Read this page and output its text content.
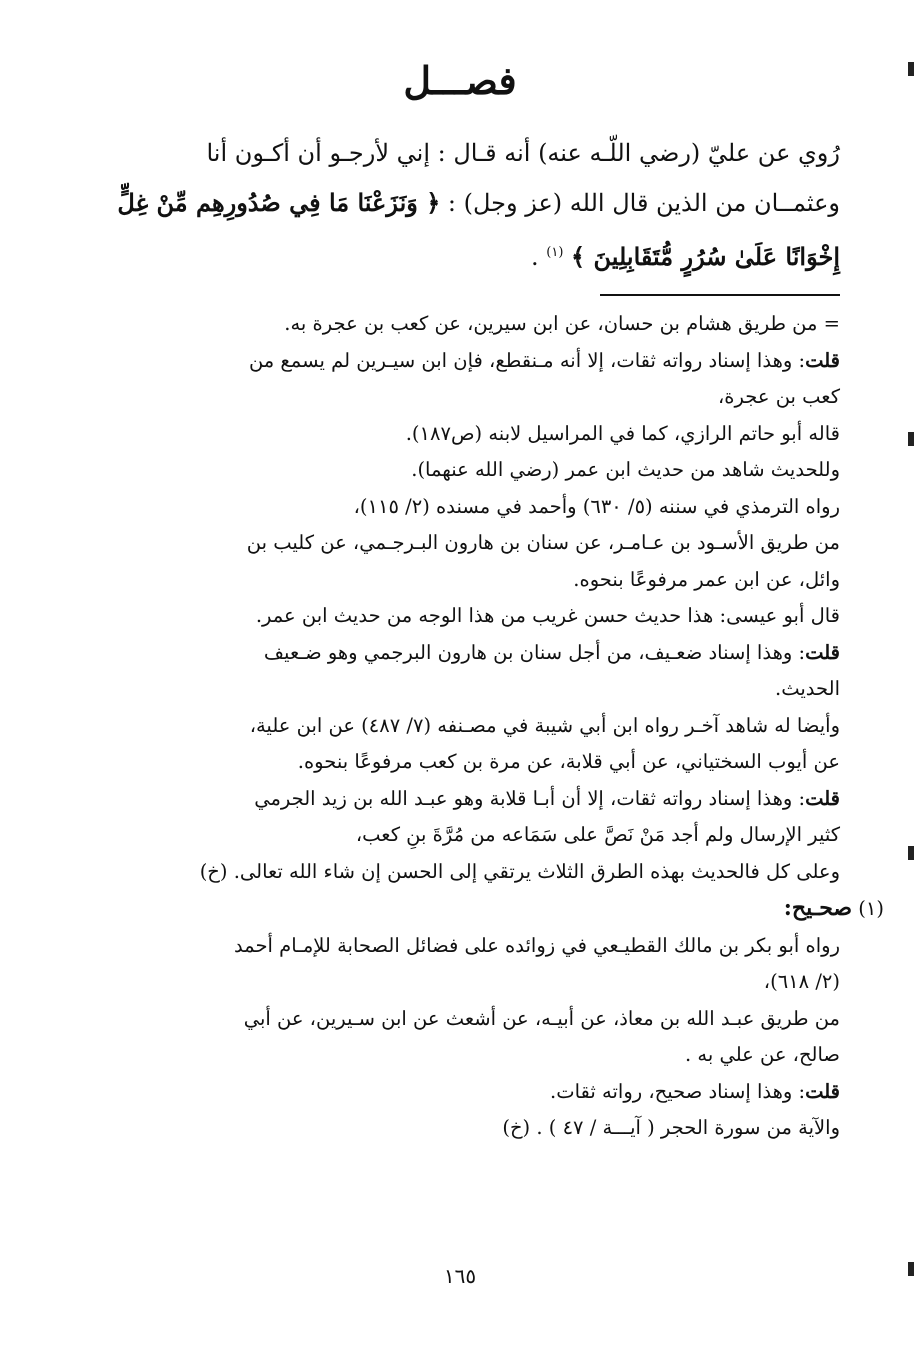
فصـــل
رُوي عن عليّ (رضي اللّـه عنه) أنه قـال : إني لأرجـو أن أكـون أنا
وعثمــان من الذين قال الله (عز وجل) : ﴿ وَنَزَعْنَا مَا فِي صُدُورِهِم مِّنْ غِلٍّ
إِخْوَانًا عَلَىٰ سُرُرٍ مُّتَقَابِلِينَ ﴾ $^{(١)}$ .
= من طريق هشام بن حسان، عن ابن سيرين، عن كعب بن عجرة به.
قلت: وهذا إسناد رواته ثقات، إلا أنه مـنقطع، فإن ابن سيـرين لم يسمع من
كعب بن عجرة،
قاله أبو حاتم الرازي، كما في المراسيل لابنه (ص١٨٧).
وللحديث شاهد من حديث ابن عمر (رضي الله عنهما).
رواه الترمذي في سننه (٥/ ٦٣٠) وأحمد في مسنده (٢/ ١١٥)،
من طريق الأسـود بن عـامـر، عن سنان بن هارون البـرجـمي، عن كليب بن
وائل، عن ابن عمر مرفوعًا بنحوه.
قال أبو عيسى: هذا حديث حسن غريب من هذا الوجه من حديث ابن عمر.
قلت: وهذا إسناد ضعـيف، من أجل سنان بن هارون البرجمي وهو ضـعيف
الحديث.
وأيضا له شاهد آخـر رواه ابن أبي شيبة في مصـنفه (٧/ ٤٨٧) عن ابن علية،
عن أيوب السختياني، عن أبي قلابة، عن مرة بن كعب مرفوعًا بنحوه.
قلت: وهذا إسناد رواته ثقات، إلا أن أبـا قلابة وهو عبـد الله بن زيد الجرمي
كثير الإرسال ولم أجد مَنْ نَصَّ على سَمَاعه من مُرَّةَ بنِ كعب،
وعلى كل فالحديث بهذه الطرق الثلاث يرتقي إلى الحسن إن شاء الله تعالى. (خ)
(١) صحـيح:
رواه أبو بكر بن مالك القطيـعي في زوائده على فضائل الصحابة للإمـام أحمد
(٢/ ٦١٨)،
من طريق عبـد الله بن معاذ، عن أبيـه، عن أشعث عن ابن سـيرين، عن أبي
صالح، عن علي به .
قلت: وهذا إسناد صحيح، رواته ثقات.
والآية من سورة الحجر ( آيـــة / ٤٧ ) . (خ)
١٦٥
